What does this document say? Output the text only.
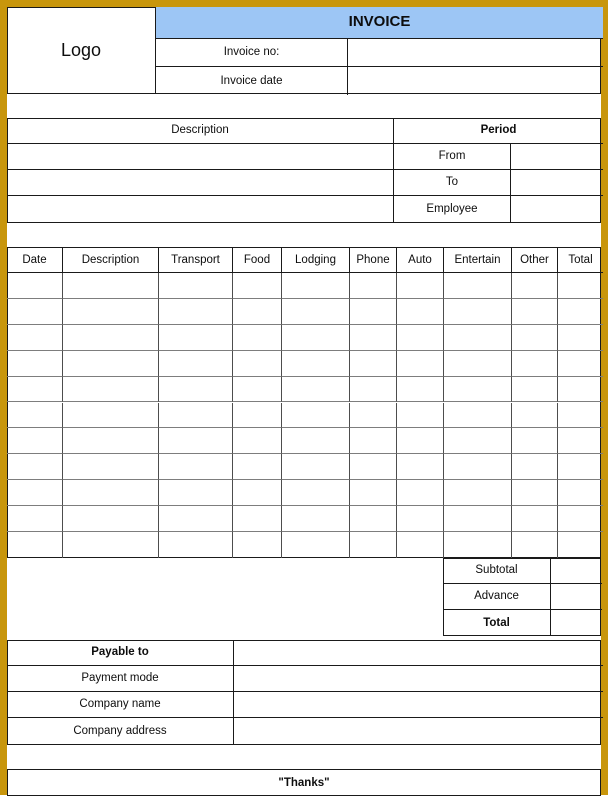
Logo
INVOICE
Invoice no:
Invoice date
Description	Period
From
To
Employee
Date	Description	Transport	Food	Lodging	Phone	Auto	Entertain	Other	Total
Subtotal
Advance
Total
Payable to
Payment mode
Company name
Company address
"Thanks"
